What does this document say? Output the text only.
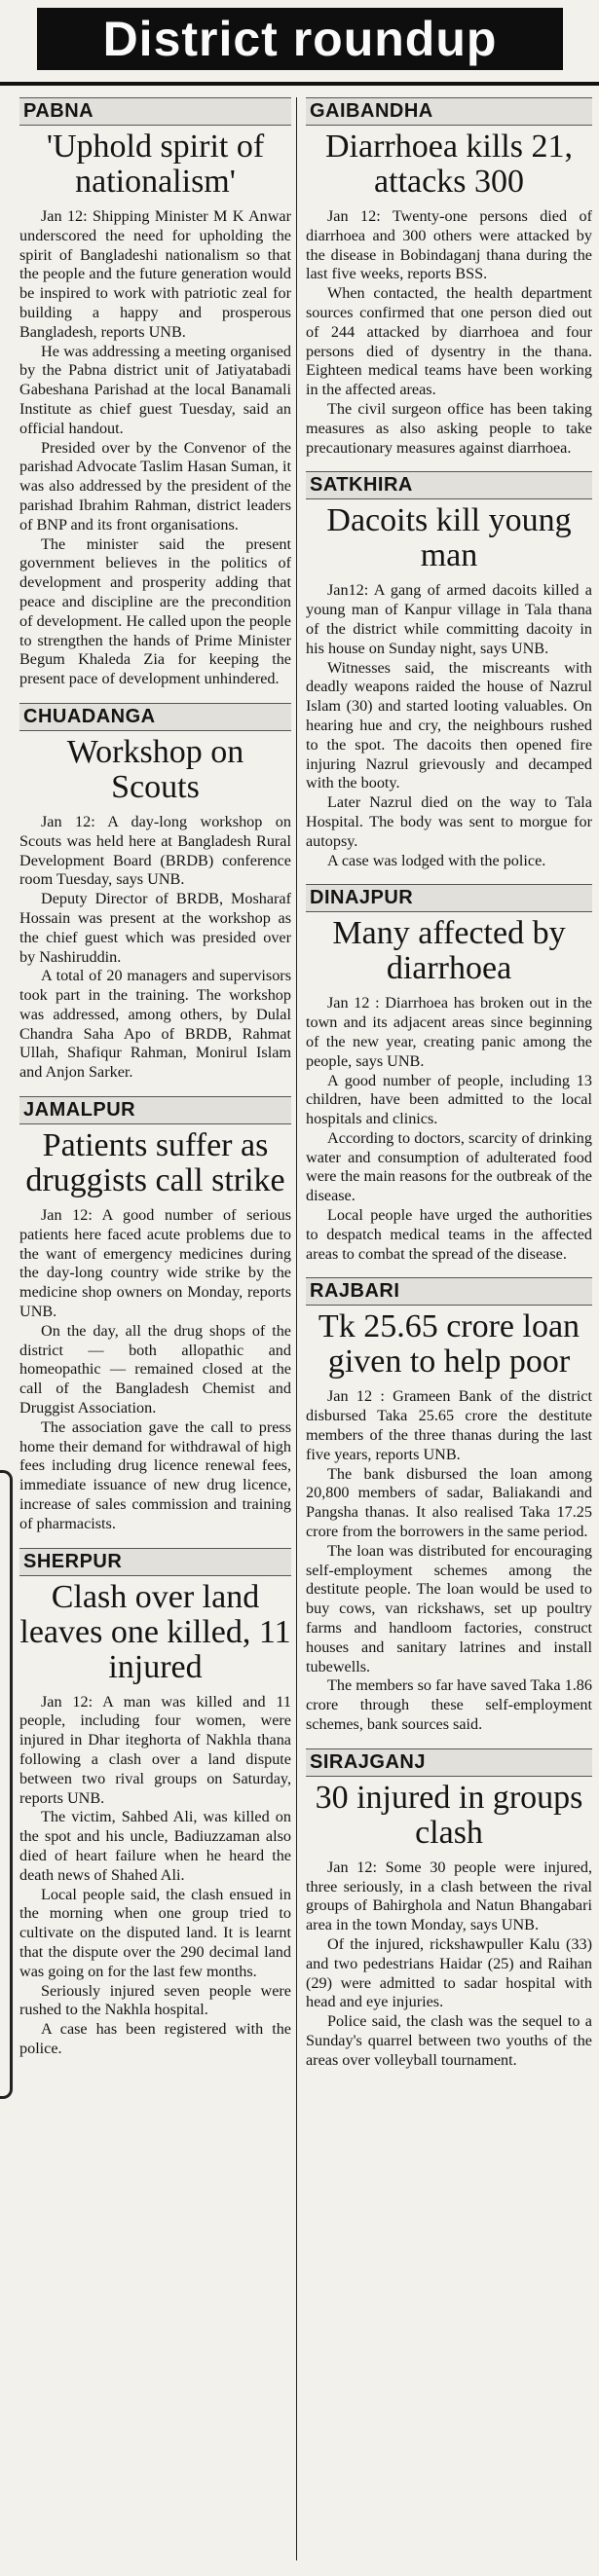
District roundup
PABNA
'Uphold spirit of nationalism'

Jan 12: Shipping Minister M K Anwar underscored the need for upholding the spirit of Bangladeshi nationalism so that the people and the future generation would be inspired to work with patriotic zeal for building a happy and prosperous Bangladesh, reports UNB.

He was addressing a meeting organised by the Pabna district unit of Jatiyatabadi Gabeshana Parishad at the local Banamali Institute as chief guest Tuesday, said an official handout.

Presided over by the Convenor of the parishad Advocate Taslim Hasan Suman, it was also addressed by the president of the parishad Ibrahim Rahman, district leaders of BNP and its front organisations.

The minister said the present government believes in the politics of development and prosperity adding that peace and discipline are the precondition of development. He called upon the people to strengthen the hands of Prime Minister Begum Khaleda Zia for keeping the present pace of development unhindered.

CHUADANGA
Workshop on Scouts

Jan 12: A day-long workshop on Scouts was held here at Bangladesh Rural Development Board (BRDB) conference room Tuesday, says UNB.

Deputy Director of BRDB, Mosharaf Hossain was present at the workshop as the chief guest which was presided over by Nashiruddin.

A total of 20 managers and supervisors took part in the training. The workshop was addressed, among others, by Dulal Chandra Saha Apo of BRDB, Rahmat Ullah, Shafiqur Rahman, Monirul Islam and Anjon Sarker.

JAMALPUR
Patients suffer as druggists call strike

Jan 12: A good number of serious patients here faced acute problems due to the want of emergency medicines during the day-long country wide strike by the medicine shop owners on Monday, reports UNB.

On the day, all the drug shops of the district — both allopathic and homeopathic — remained closed at the call of the Bangladesh Chemist and Druggist Association.

The association gave the call to press home their demand for withdrawal of high fees including drug licence renewal fees, immediate issuance of new drug licence, increase of sales commission and training of pharmacists.

SHERPUR
Clash over land leaves one killed, 11 injured

Jan 12: A man was killed and 11 people, including four women, were injured in Dhar iteghorta of Nakhla thana following a clash over a land dispute between two rival groups on Saturday, reports UNB.

The victim, Sahbed Ali, was killed on the spot and his uncle, Badiuzzaman also died of heart failure when he heard the death news of Shahed Ali.

Local people said, the clash ensued in the morning when one group tried to cultivate on the disputed land. It is learnt that the dispute over the 290 decimal land was going on for the last few months.

Seriously injured seven people were rushed to the Nakhla hospital.

A case has been registered with the police.

GAIBANDHA
Diarrhoea kills 21, attacks 300

Jan 12: Twenty-one persons died of diarrhoea and 300 others were attacked by the disease in Bobindaganj thana during the last five weeks, reports BSS.

When contacted, the health department sources confirmed that one person died out of 244 attacked by diarrhoea and four persons died of dysentry in the thana. Eighteen medical teams have been working in the affected areas.

The civil surgeon office has been taking measures as also asking people to take precautionary measures against diarrhoea.

SATKHIRA
Dacoits kill young man

Jan12: A gang of armed dacoits killed a young man of Kanpur village in Tala thana of the district while committing dacoity in his house on Sunday night, says UNB.

Witnesses said, the miscreants with deadly weapons raided the house of Nazrul Islam (30) and started looting valuables. On hearing hue and cry, the neighbours rushed to the spot. The dacoits then opened fire injuring Nazrul grievously and decamped with the booty.

Later Nazrul died on the way to Tala Hospital. The body was sent to morgue for autopsy.

A case was lodged with the police.

DINAJPUR
Many affected by diarrhoea

Jan 12 : Diarrhoea has broken out in the town and its adjacent areas since beginning of the new year, creating panic among the people, says UNB.

A good number of people, including 13 children, have been admitted to the local hospitals and clinics.

According to doctors, scarcity of drinking water and consumption of adulterated food were the main reasons for the outbreak of the disease.

Local people have urged the authorities to despatch medical teams in the affected areas to combat the spread of the disease.

RAJBARI
Tk 25.65 crore loan given to help poor

Jan 12 : Grameen Bank of the district disbursed Taka 25.65 crore the destitute members of the three thanas during the last five years, reports UNB.

The bank disbursed the loan among 20,800 members of sadar, Baliakandi and Pangsha thanas. It also realised Taka 17.25 crore from the borrowers in the same period.

The loan was distributed for encouraging self-employment schemes among the destitute people. The loan would be used to buy cows, van rickshaws, set up poultry farms and handloom factories, construct houses and sanitary latrines and install tubewells.

The members so far have saved Taka 1.86 crore through these self-employment schemes, bank sources said.

SIRAJGANJ
30 injured in groups clash

Jan 12: Some 30 people were injured, three seriously, in a clash between the rival groups of Bahirghola and Natun Bhangabari area in the town Monday, says UNB.

Of the injured, rickshawpuller Kalu (33) and two pedestrians Haidar (25) and Raihan (29) were admitted to sadar hospital with head and eye injuries.

Police said, the clash was the sequel to a Sunday's quarrel between two youths of the areas over volleyball tournament.
